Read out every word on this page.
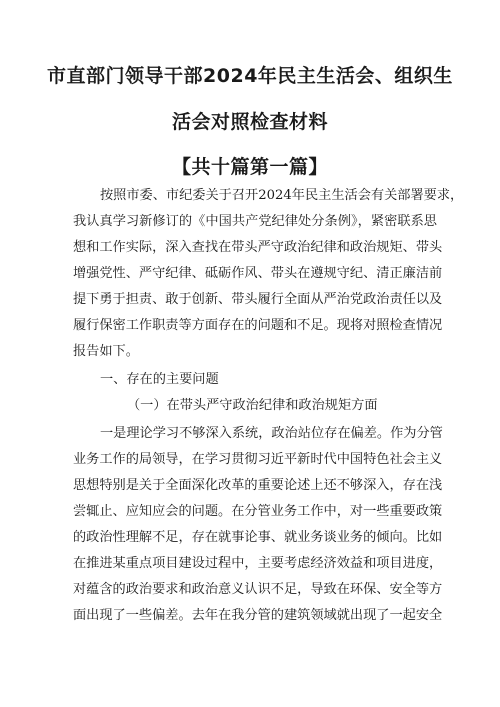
市直部门领导干部2024年民主生活会、组织生
活会对照检查材料
【共十篇第一篇】
按照市委、市纪委关于召开2024年民主生活会有关部署要求，
我认真学习新修订的《中国共产党纪律处分条例》，紧密联系思
想和工作实际，深入查找在带头严守政治纪律和政治规矩、带头
增强党性、严守纪律、砥砺作风、带头在遵规守纪、清正廉洁前
提下勇于担责、敢于创新、带头履行全面从严治党政治责任以及
履行保密工作职责等方面存在的问题和不足。现将对照检查情况
报告如下。
一、存在的主要问题
（一）在带头严守政治纪律和政治规矩方面
一是理论学习不够深入系统，政治站位存在偏差。作为分管
业务工作的局领导，在学习贯彻习近平新时代中国特色社会主义
思想特别是关于全面深化改革的重要论述上还不够深入，存在浅
尝辄止、应知应会的问题。在分管业务工作中，对一些重要政策
的政治性理解不足，存在就事论事、就业务谈业务的倾向。比如
在推进某重点项目建设过程中，主要考虑经济效益和项目进度，
对蕴含的政治要求和政治意义认识不足，导致在环保、安全等方
面出现了一些偏差。去年在我分管的建筑领域就出现了一起安全
